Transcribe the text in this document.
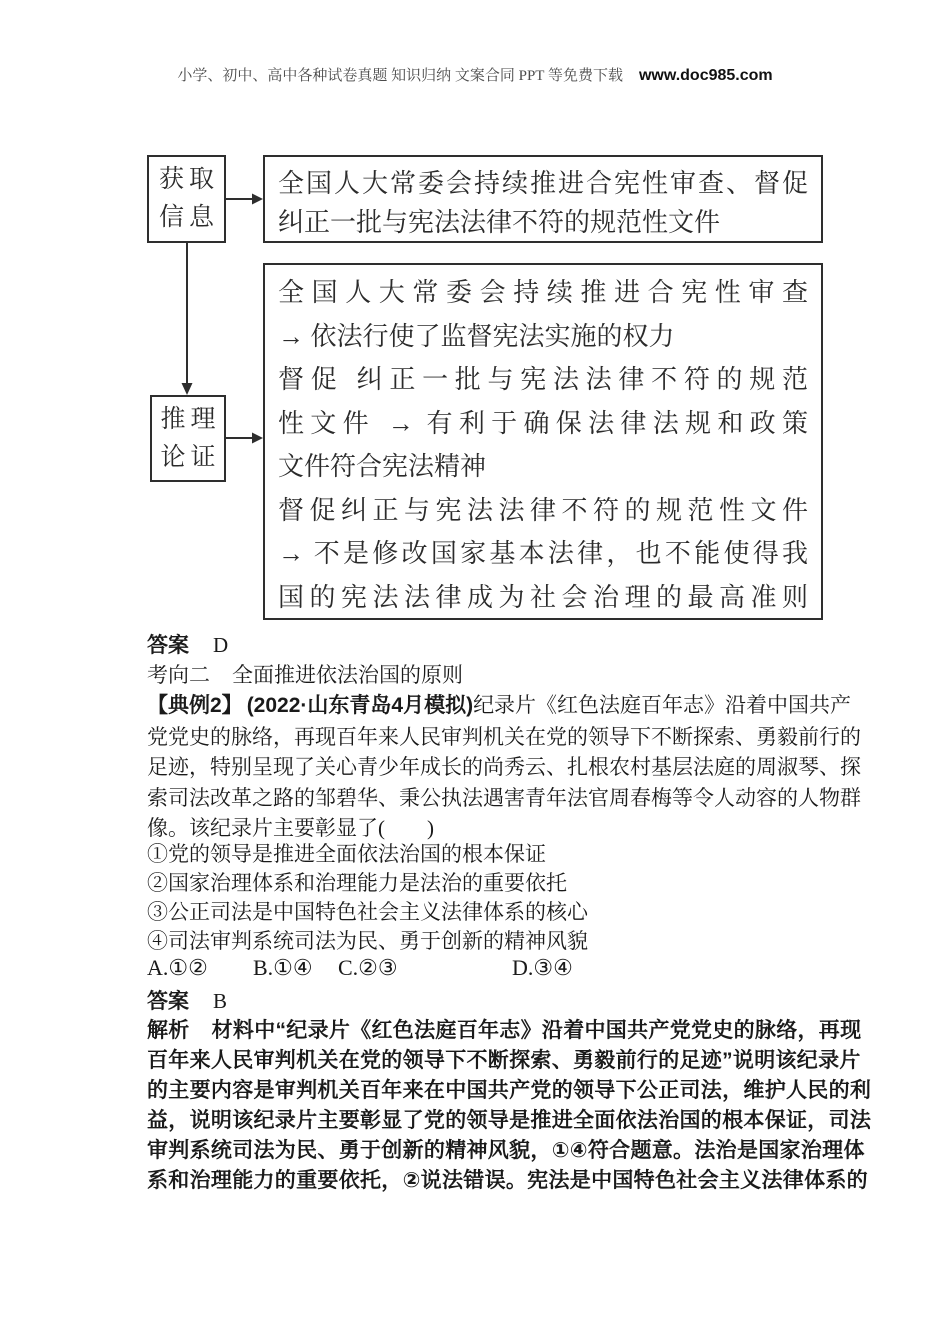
小学、初中、高中各种试卷真题 知识归纳 文案合同 PPT 等免费下载 www.doc985.com
获取
信息
全国人大常委会持续推进合宪性审查、督促
纠正一批与宪法法律不符的规范性文件
推理
论证
全国人大常委会持续推进合宪性审查
→ 依法行使了监督宪法实施的权力
督促 纠正一批与宪法法律不符的规范
性文件 → 有利于确保法律法规和政策
文件符合宪法精神
督促纠正与宪法法律不符的规范性文件
→ 不是修改国家基本法律，也不能使得我
国的宪法法律成为社会治理的最高准则
答案 D
考向二 全面推进依法治国的原则
【典例2】 (2022·山东青岛4月模拟)纪录片《红色法庭百年志》沿着中国共产
党党史的脉络，再现百年来人民审判机关在党的领导下不断探索、勇毅前行的
足迹，特别呈现了关心青少年成长的尚秀云、扎根农村基层法庭的周淑琴、探
索司法改革之路的邹碧华、秉公执法遇害青年法官周春梅等令人动容的人物群
像。该纪录片主要彰显了(　　)
①党的领导是推进全面依法治国的根本保证
②国家治理体系和治理能力是法治的重要依托
③公正司法是中国特色社会主义法律体系的核心
④司法审判系统司法为民、勇于创新的精神风貌
A.①② B.①④ C.②③	D.③④
答案 B
解析 材料中“纪录片《红色法庭百年志》沿着中国共产党党史的脉络，再现
百年来人民审判机关在党的领导下不断探索、勇毅前行的足迹”说明该纪录片
的主要内容是审判机关百年来在中国共产党的领导下公正司法，维护人民的利
益，说明该纪录片主要彰显了党的领导是推进全面依法治国的根本保证，司法
审判系统司法为民、勇于创新的精神风貌，①④符合题意。法治是国家治理体
系和治理能力的重要依托，②说法错误。宪法是中国特色社会主义法律体系的
